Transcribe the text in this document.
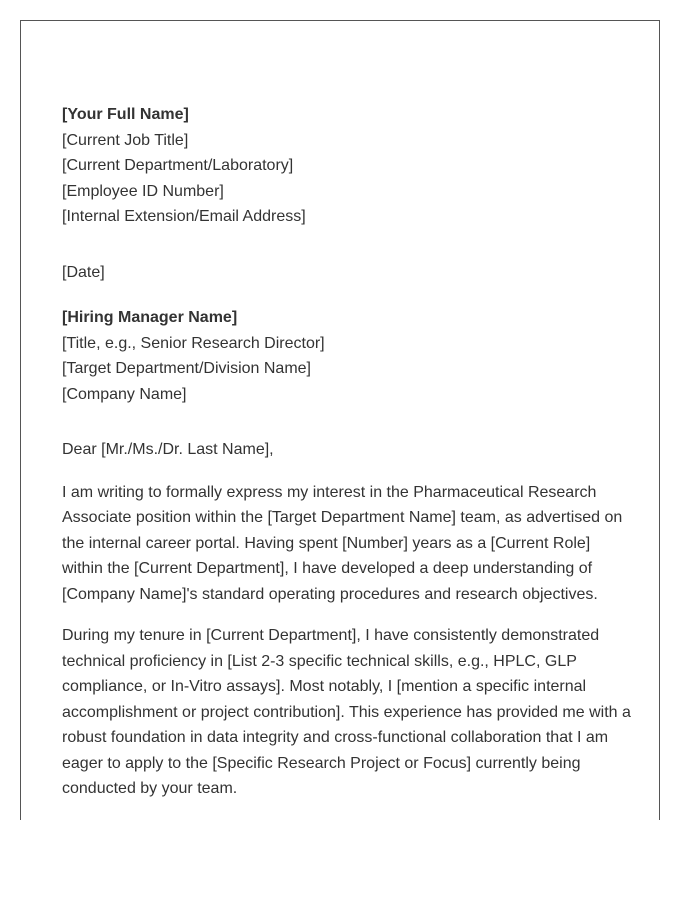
[Your Full Name]
[Current Job Title]
[Current Department/Laboratory]
[Employee ID Number]
[Internal Extension/Email Address]
[Date]
[Hiring Manager Name]
[Title, e.g., Senior Research Director]
[Target Department/Division Name]
[Company Name]
Dear [Mr./Ms./Dr. Last Name],

I am writing to formally express my interest in the Pharmaceutical Research Associate position within the [Target Department Name] team, as advertised on the internal career portal. Having spent [Number] years as a [Current Role] within the [Current Department], I have developed a deep understanding of [Company Name]'s standard operating procedures and research objectives.

During my tenure in [Current Department], I have consistently demonstrated technical proficiency in [List 2-3 specific technical skills, e.g., HPLC, GLP compliance, or In-Vitro assays]. Most notably, I [mention a specific internal accomplishment or project contribution]. This experience has provided me with a robust foundation in data integrity and cross-functional collaboration that I am eager to apply to the [Specific Research Project or Focus] currently being conducted by your team.
